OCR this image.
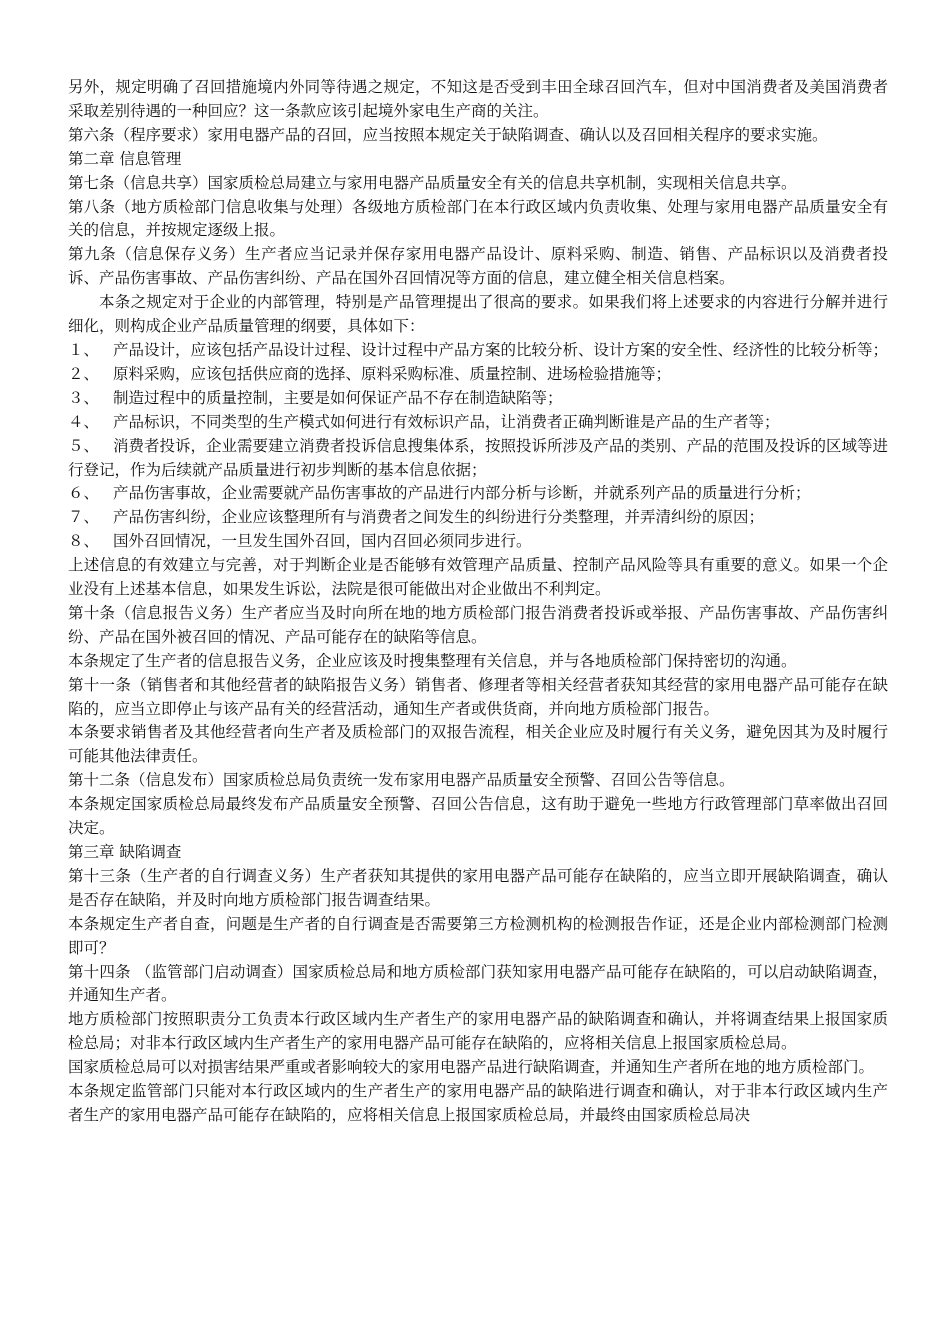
另外，规定明确了召回措施境内外同等待遇之规定，不知这是否受到丰田全球召回汽车，但对中国消费者及美国消费者采取差别待遇的一种回应？这一条款应该引起境外家电生产商的关注。

第六条（程序要求）家用电器产品的召回，应当按照本规定关于缺陷调查、确认以及召回相关程序的要求实施。

第二章 信息管理

第七条（信息共享）国家质检总局建立与家用电器产品质量安全有关的信息共享机制，实现相关信息共享。

第八条（地方质检部门信息收集与处理）各级地方质检部门在本行政区域内负责收集、处理与家用电器产品质量安全有关的信息，并按规定逐级上报。

第九条（信息保存义务）生产者应当记录并保存家用电器产品设计、原料采购、制造、销售、产品标识以及消费者投诉、产品伤害事故、产品伤害纠纷、产品在国外召回情况等方面的信息，建立健全相关信息档案。

本条之规定对于企业的内部管理，特别是产品管理提出了很高的要求。如果我们将上述要求的内容进行分解并进行细化，则构成企业产品质量管理的纲要，具体如下：

１、 产品设计，应该包括产品设计过程、设计过程中产品方案的比较分析、设计方案的安全性、经济性的比较分析等；

２、 原料采购，应该包括供应商的选择、原料采购标准、质量控制、进场检验措施等；

３、 制造过程中的质量控制，主要是如何保证产品不存在制造缺陷等；

４、 产品标识，不同类型的生产模式如何进行有效标识产品，让消费者正确判断谁是产品的生产者等；

５、 消费者投诉，企业需要建立消费者投诉信息搜集体系，按照投诉所涉及产品的类别、产品的范围及投诉的区域等进行登记，作为后续就产品质量进行初步判断的基本信息依据；

６、 产品伤害事故，企业需要就产品伤害事故的产品进行内部分析与诊断，并就系列产品的质量进行分析；

７、 产品伤害纠纷，企业应该整理所有与消费者之间发生的纠纷进行分类整理，并弄清纠纷的原因；

８、 国外召回情况，一旦发生国外召回，国内召回必须同步进行。

上述信息的有效建立与完善，对于判断企业是否能够有效管理产品质量、控制产品风险等具有重要的意义。如果一个企业没有上述基本信息，如果发生诉讼，法院是很可能做出对企业做出不利判定。

第十条（信息报告义务）生产者应当及时向所在地的地方质检部门报告消费者投诉或举报、产品伤害事故、产品伤害纠纷、产品在国外被召回的情况、产品可能存在的缺陷等信息。

本条规定了生产者的信息报告义务，企业应该及时搜集整理有关信息，并与各地质检部门保持密切的沟通。

第十一条（销售者和其他经营者的缺陷报告义务）销售者、修理者等相关经营者获知其经营的家用电器产品可能存在缺陷的，应当立即停止与该产品有关的经营活动，通知生产者或供货商，并向地方质检部门报告。

本条要求销售者及其他经营者向生产者及质检部门的双报告流程，相关企业应及时履行有关义务，避免因其为及时履行可能其他法律责任。

第十二条（信息发布）国家质检总局负责统一发布家用电器产品质量安全预警、召回公告等信息。

本条规定国家质检总局最终发布产品质量安全预警、召回公告信息，这有助于避免一些地方行政管理部门草率做出召回决定。

第三章 缺陷调查

第十三条（生产者的自行调查义务）生产者获知其提供的家用电器产品可能存在缺陷的，应当立即开展缺陷调查，确认是否存在缺陷，并及时向地方质检部门报告调查结果。

本条规定生产者自查，问题是生产者的自行调查是否需要第三方检测机构的检测报告作证，还是企业内部检测部门检测即可？

第十四条 （监管部门启动调查）国家质检总局和地方质检部门获知家用电器产品可能存在缺陷的，可以启动缺陷调查，并通知生产者。

地方质检部门按照职责分工负责本行政区域内生产者生产的家用电器产品的缺陷调查和确认，并将调查结果上报国家质检总局；对非本行政区域内生产者生产的家用电器产品可能存在缺陷的，应将相关信息上报国家质检总局。

国家质检总局可以对损害结果严重或者影响较大的家用电器产品进行缺陷调查，并通知生产者所在地的地方质检部门。

本条规定监管部门只能对本行政区域内的生产者生产的家用电器产品的缺陷进行调查和确认，对于非本行政区域内生产者生产的家用电器产品可能存在缺陷的，应将相关信息上报国家质检总局，并最终由国家质检总局决
